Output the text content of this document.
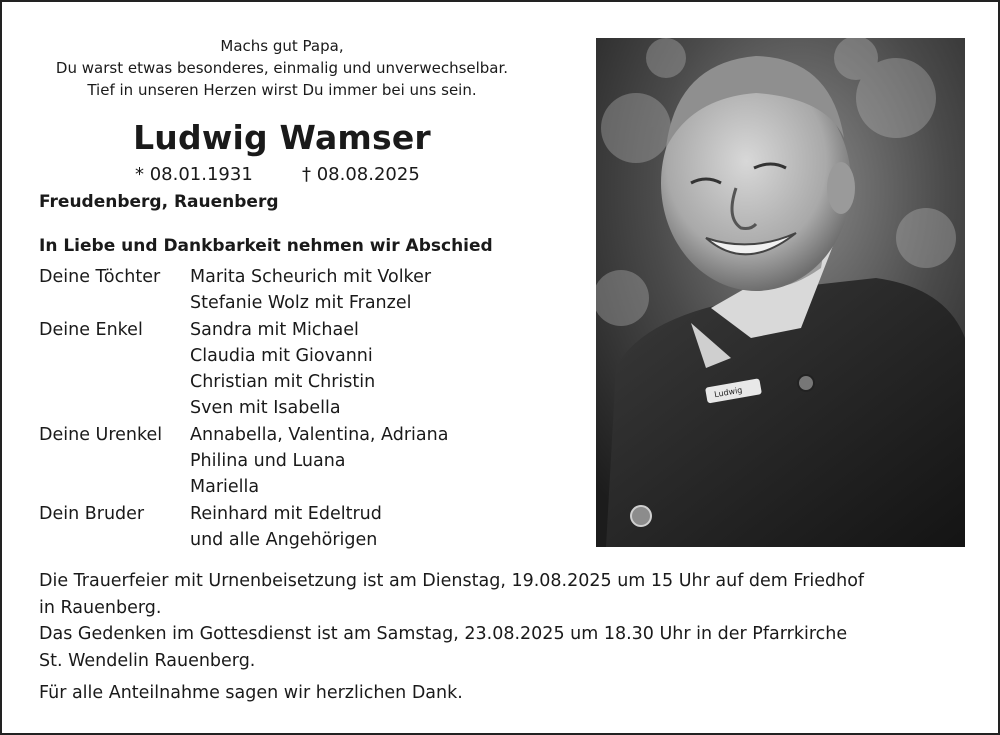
Machs gut Papa,
Du warst etwas besonderes, einmalig und unverwechselbar.
Tief in unseren Herzen wirst Du immer bei uns sein.
Ludwig Wamser
* 08.01.1931	† 08.08.2025
Freudenberg, Rauenberg
In Liebe und Dankbarkeit nehmen wir Abschied
Deine Töchter	Marita Scheurich mit Volker
Stefanie Wolz mit Franzel
Deine Enkel	Sandra mit Michael
Claudia mit Giovanni
Christian mit Christin
Sven mit Isabella
Deine Urenkel	Annabella, Valentina, Adriana
Philina und Luana
Mariella
Dein Bruder	Reinhard mit Edeltrud
und alle Angehörigen
Ludwig
Die Trauerfeier mit Urnenbeisetzung ist am Dienstag, 19.08.2025 um 15 Uhr auf dem Friedhof
in Rauenberg.
Das Gedenken im Gottesdienst ist am Samstag, 23.08.2025 um 18.30 Uhr in der Pfarrkirche
St. Wendelin Rauenberg.
Für alle Anteilnahme sagen wir herzlichen Dank.
